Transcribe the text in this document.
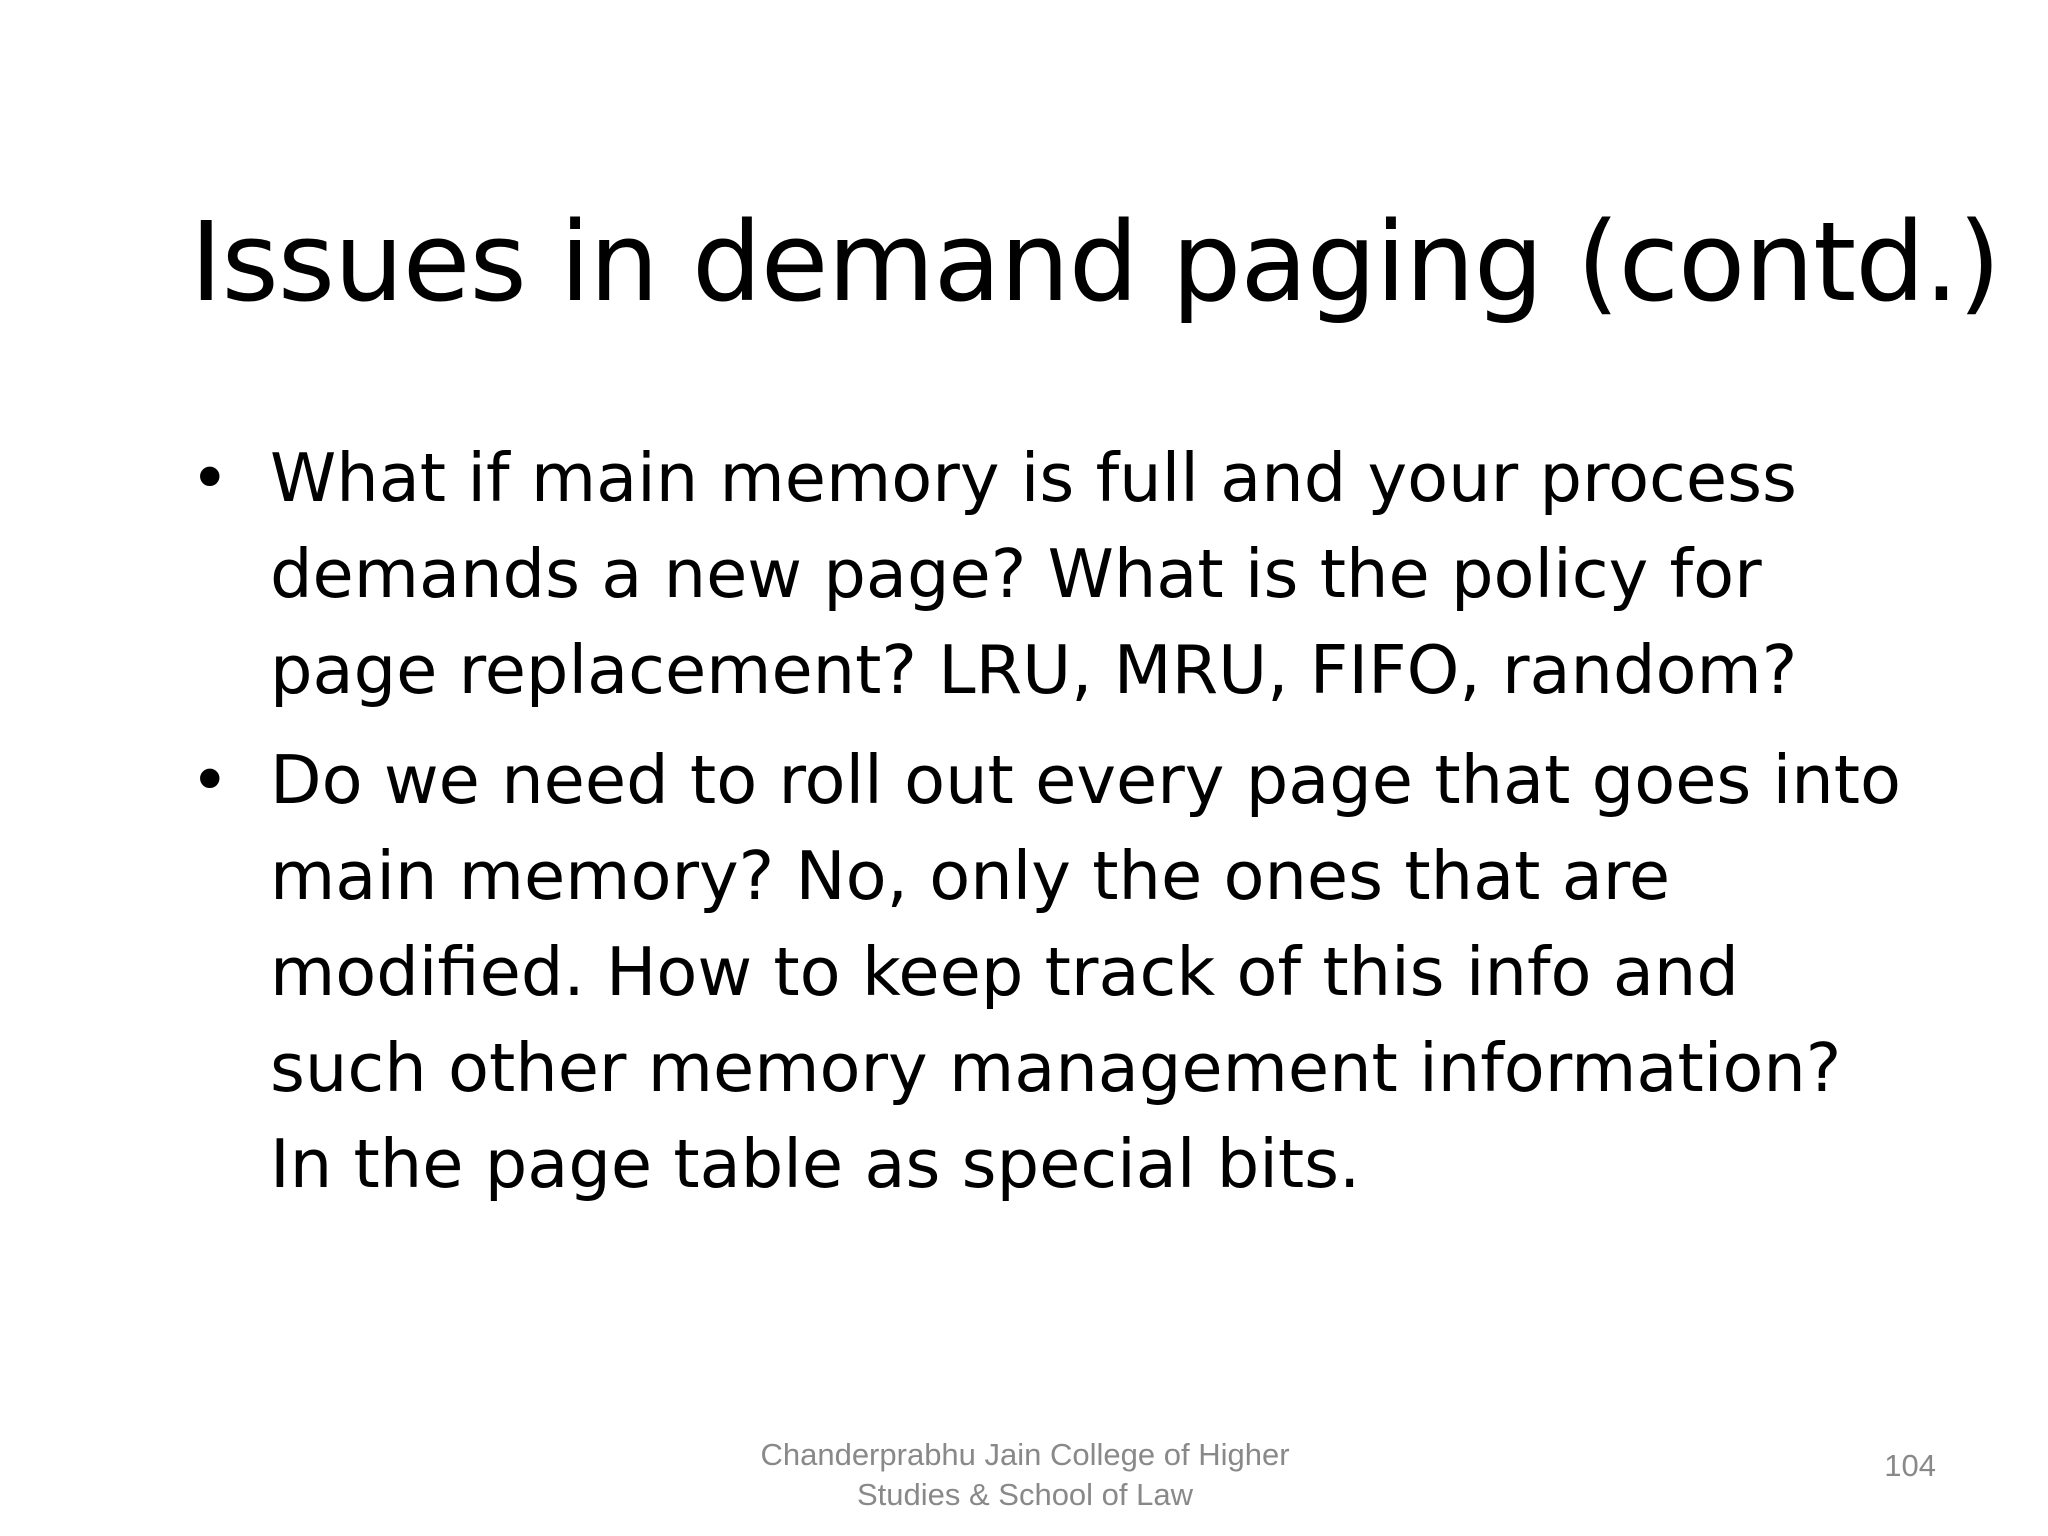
Issues in demand paging (contd.)
• What if main memory is full and your process demands a new page? What is the policy for page replacement? LRU, MRU, FIFO, random?
• Do we need to roll out every page that goes into main memory? No, only the ones that are modified. How to keep track of this info and such other memory management information? In the page table as special bits.
Chanderprabhu Jain College of Higher
Studies & School of Law
104
